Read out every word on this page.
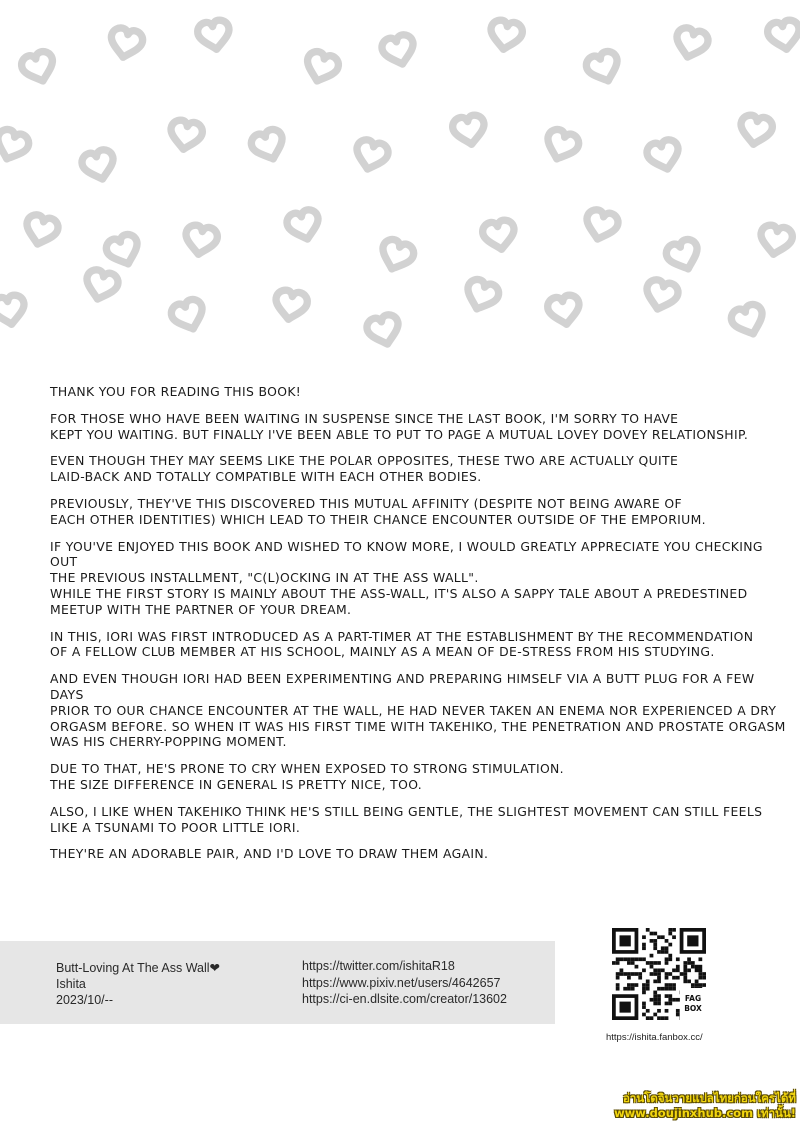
THANK YOU FOR READING THIS BOOK!

FOR THOSE WHO HAVE BEEN WAITING IN SUSPENSE SINCE THE LAST BOOK, I'M SORRY TO HAVE
KEPT YOU WAITING. BUT FINALLY I'VE BEEN ABLE TO PUT TO PAGE A MUTUAL LOVEY DOVEY RELATIONSHIP.

EVEN THOUGH THEY MAY SEEMS LIKE THE POLAR OPPOSITES, THESE TWO ARE ACTUALLY QUITE
LAID-BACK AND TOTALLY COMPATIBLE WITH EACH OTHER BODIES.

PREVIOUSLY, THEY'VE THIS DISCOVERED THIS MUTUAL AFFINITY (DESPITE NOT BEING AWARE OF
EACH OTHER IDENTITIES) WHICH LEAD TO THEIR CHANCE ENCOUNTER OUTSIDE OF THE EMPORIUM.

IF YOU'VE ENJOYED THIS BOOK AND WISHED TO KNOW MORE, I WOULD GREATLY APPRECIATE YOU CHECKING OUT
THE PREVIOUS INSTALLMENT, "C(L)OCKING IN AT THE ASS WALL".
WHILE THE FIRST STORY IS MAINLY ABOUT THE ASS-WALL, IT'S ALSO A SAPPY TALE ABOUT A PREDESTINED
MEETUP WITH THE PARTNER OF YOUR DREAM.

IN THIS, IORI WAS FIRST INTRODUCED AS A PART-TIMER AT THE ESTABLISHMENT BY THE RECOMMENDATION
OF A FELLOW CLUB MEMBER AT HIS SCHOOL, MAINLY AS A MEAN OF DE-STRESS FROM HIS STUDYING.

AND EVEN THOUGH IORI HAD BEEN EXPERIMENTING AND PREPARING HIMSELF VIA A BUTT PLUG FOR A FEW DAYS
PRIOR TO OUR CHANCE ENCOUNTER AT THE WALL, HE HAD NEVER TAKEN AN ENEMA NOR EXPERIENCED A DRY
ORGASM BEFORE. SO WHEN IT WAS HIS FIRST TIME WITH TAKEHIKO, THE PENETRATION AND PROSTATE ORGASM
WAS HIS CHERRY-POPPING MOMENT.

DUE TO THAT, HE'S PRONE TO CRY WHEN EXPOSED TO STRONG STIMULATION.
THE SIZE DIFFERENCE IN GENERAL IS PRETTY NICE, TOO.

ALSO, I LIKE WHEN TAKEHIKO THINK HE'S STILL BEING GENTLE, THE SLIGHTEST MOVEMENT CAN STILL FEELS
LIKE A TSUNAMI TO POOR LITTLE IORI.

THEY'RE AN ADORABLE PAIR, AND I'D LOVE TO DRAW THEM AGAIN.

Butt-Loving At The Ass Wall❤
Ishita
2023/10/--
https://twitter.com/ishitaR18
https://www.pixiv.net/users/4642657
https://ci-en.dlsite.com/creator/13602	FAG
BOX
https://ishita.fanbox.cc/
อ่านโดจินวายแปลไทยก่อนใครได้ที่
www.doujinxhub.com เท่านั้น!
